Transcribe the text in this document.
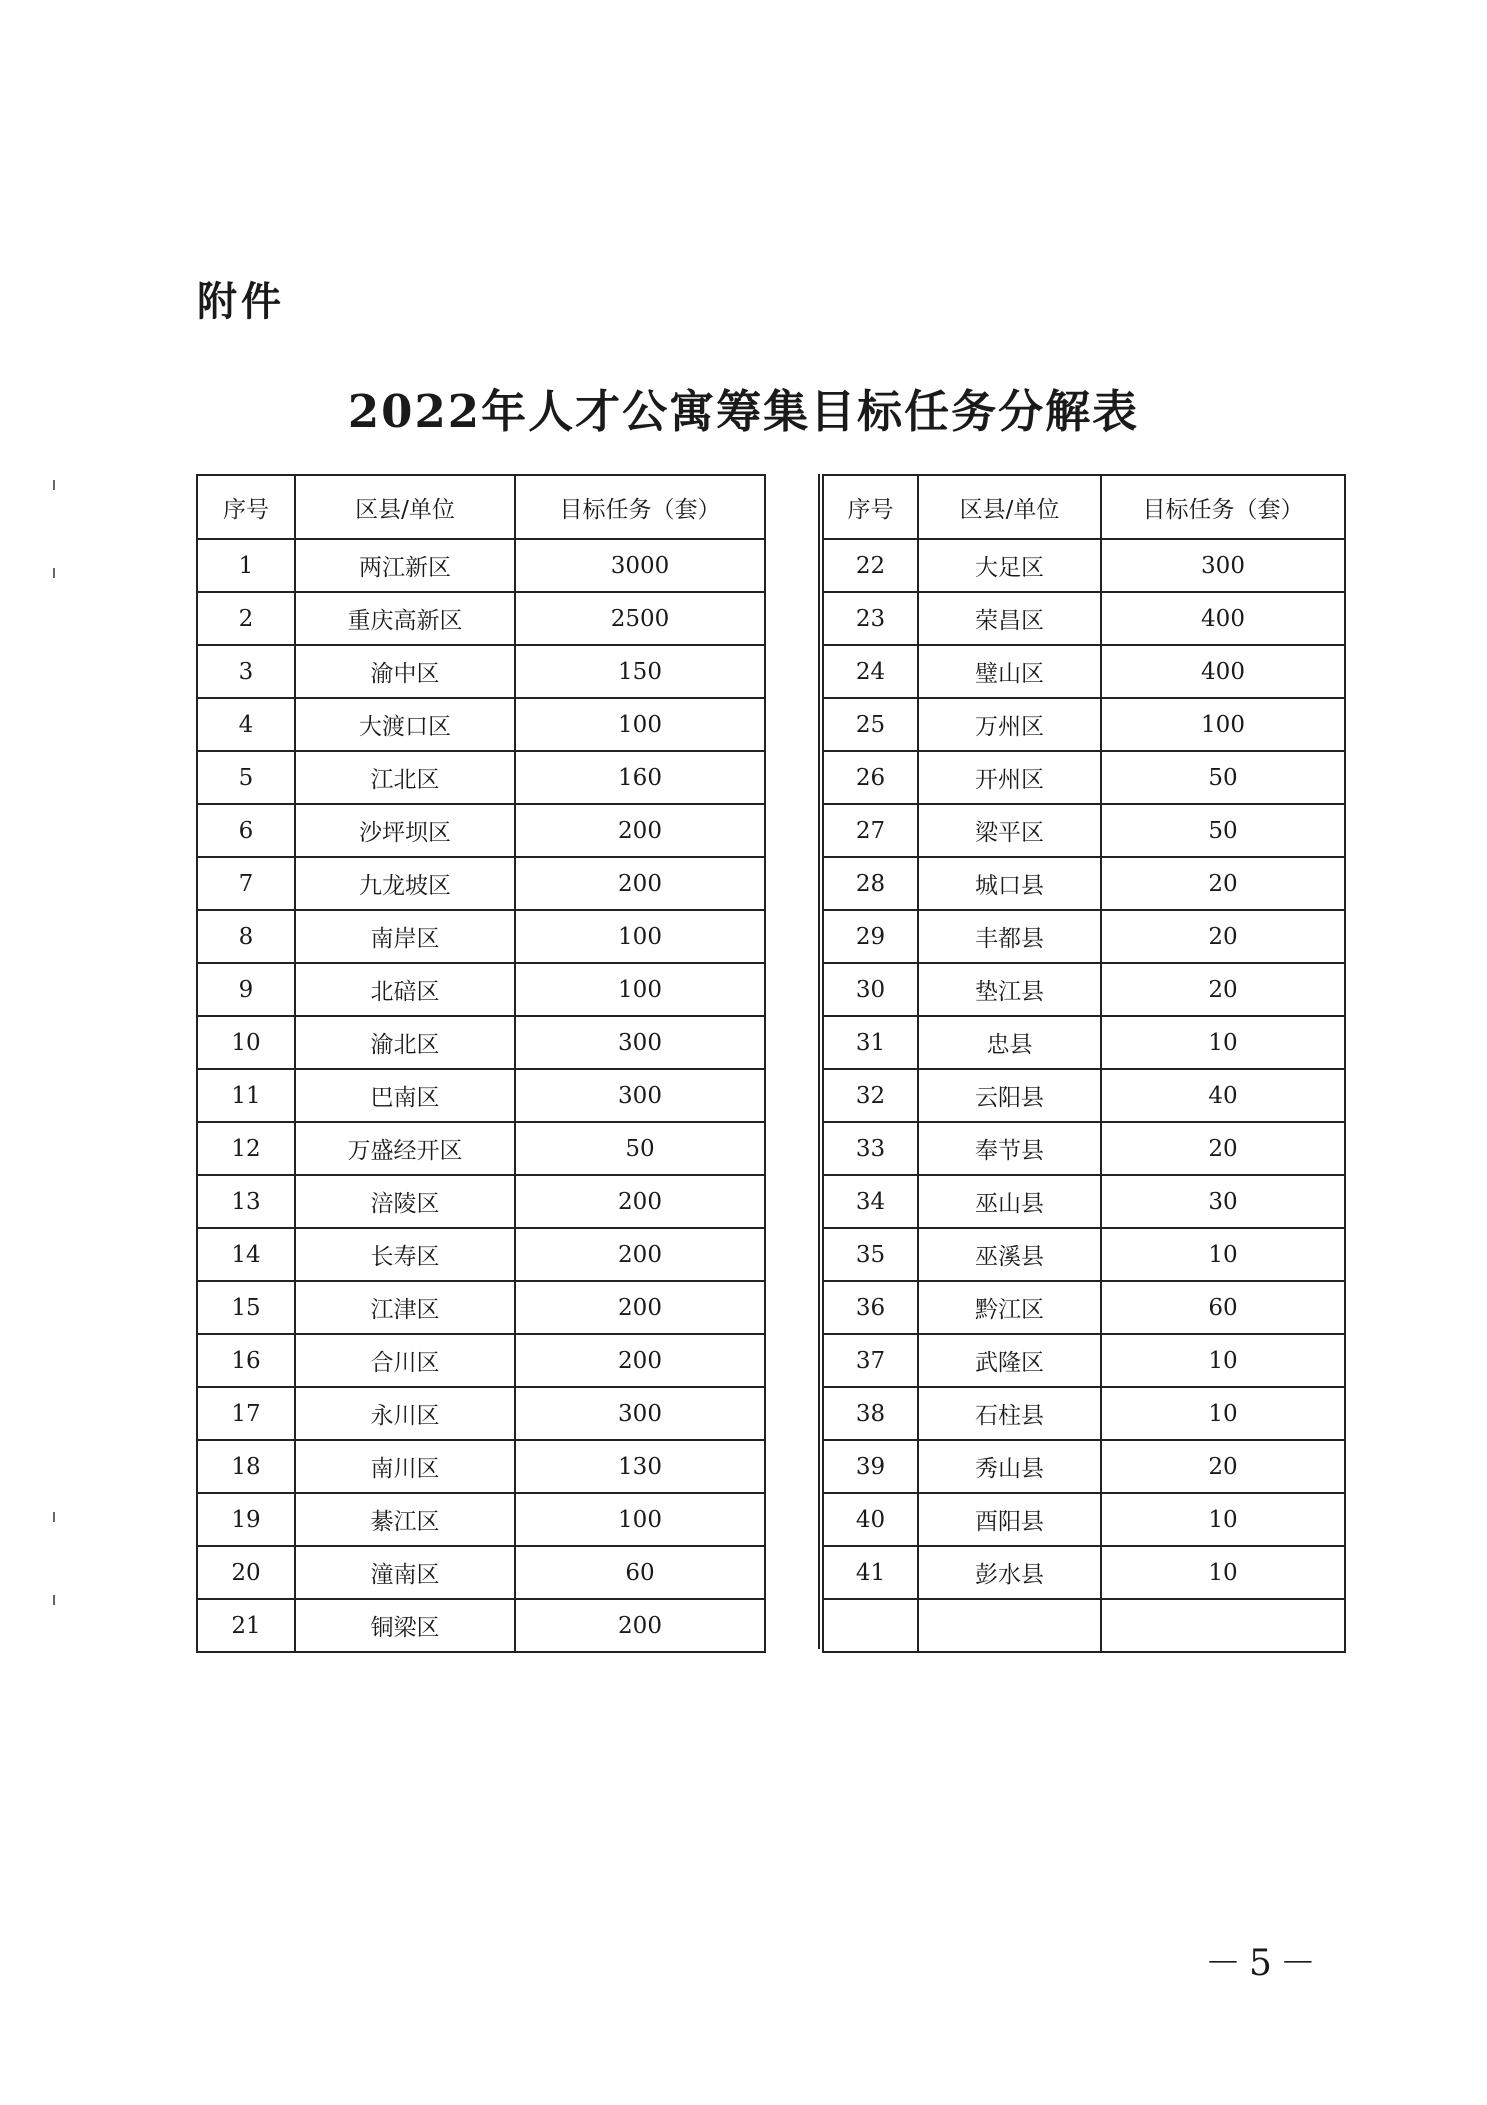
附件
2022年人才公寓筹集目标任务分解表
序号	区县/单位	目标任务（套）
1	两江新区	3000
2	重庆高新区	2500
3	渝中区	150
4	大渡口区	100
5	江北区	160
6	沙坪坝区	200
7	九龙坡区	200
8	南岸区	100
9	北碚区	100
10	渝北区	300
11	巴南区	300
12	万盛经开区	50
13	涪陵区	200
14	长寿区	200
15	江津区	200
16	合川区	200
17	永川区	300
18	南川区	130
19	綦江区	100
20	潼南区	60
21	铜梁区	200
序号	区县/单位	目标任务（套）
22	大足区	300
23	荣昌区	400
24	璧山区	400
25	万州区	100
26	开州区	50
27	梁平区	50
28	城口县	20
29	丰都县	20
30	垫江县	20
31	忠县	10
32	云阳县	40
33	奉节县	20
34	巫山县	30
35	巫溪县	10
36	黔江区	60
37	武隆区	10
38	石柱县	10
39	秀山县	20
40	酉阳县	10
41	彭水县	10

－5－
